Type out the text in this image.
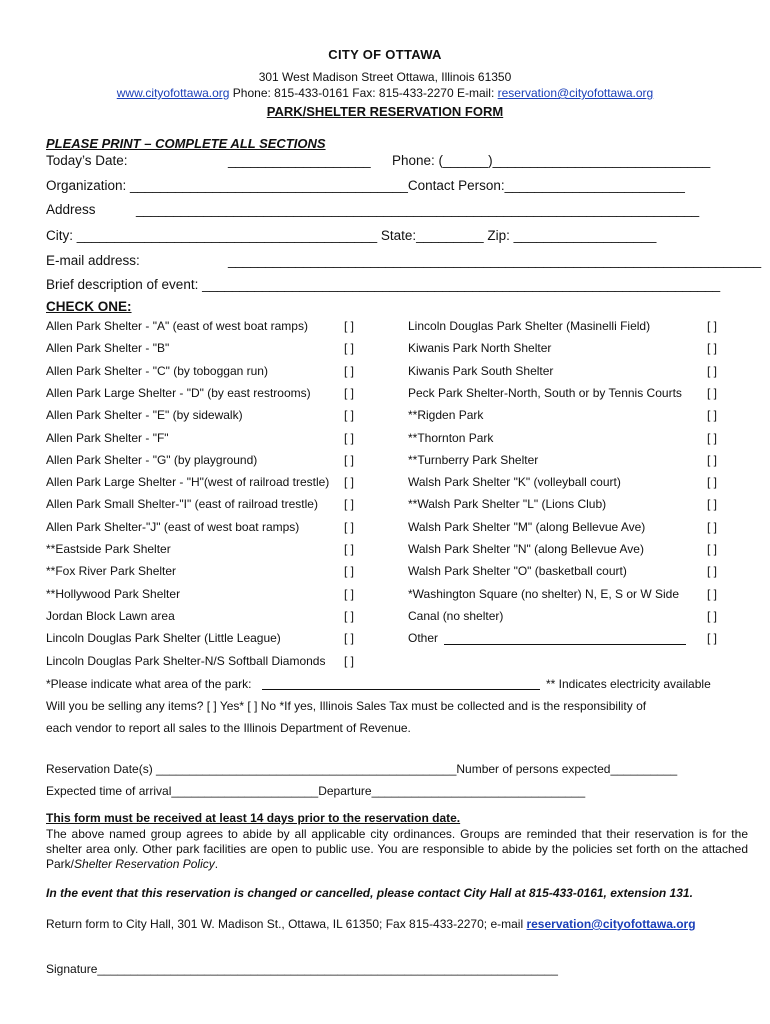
CITY OF OTTAWA
301 West Madison Street Ottawa, Illinois 61350
www.cityofottawa.org Phone: 815-433-0161 Fax: 815-433-2270 E-mail: reservation@cityofottawa.org
PARK/SHELTER RESERVATION FORM
PLEASE PRINT – COMPLETE ALL SECTIONS
Today’s Date:	___________________ Phone: (______)_____________________________
Organization: _____________________________________Contact Person:________________________
Address	___________________________________________________________________________
City: ________________________________________ State:_________ Zip: ___________________
E-mail address:	_______________________________________________________________________
Brief description of event: _____________________________________________________________________
CHECK ONE:
Allen Park Shelter - "A" (east of west boat ramps)	[ ]
Allen Park Shelter - "B"	[ ]
Allen Park Shelter - "C" (by toboggan run)	[ ]
Allen Park Large Shelter - "D" (by east restrooms)	[ ]
Allen Park Shelter - "E" (by sidewalk)	[ ]
Allen Park Shelter - "F"	[ ]
Allen Park Shelter - "G" (by playground)	[ ]
Allen Park Large Shelter - "H"(west of railroad trestle) [ ]
Allen Park Small Shelter-"I" (east of railroad trestle) [ ]
Allen Park Shelter-"J" (east of west boat ramps)	[ ]
**Eastside Park Shelter	[ ]
**Fox River Park Shelter	[ ]
**Hollywood Park Shelter	[ ]
Jordan Block Lawn area	[ ]
Lincoln Douglas Park Shelter (Little League)	[ ]
Lincoln Douglas Park Shelter-N/S Softball Diamonds [ ]
Lincoln Douglas Park Shelter (Masinelli Field)	[ ]
Kiwanis Park North Shelter	[ ]
Kiwanis Park South Shelter	[ ]
Peck Park Shelter-North, South or by Tennis Courts [ ]
**Rigden Park	[ ]
**Thornton Park	[ ]
**Turnberry Park Shelter	[ ]
Walsh Park Shelter "K" (volleyball court)	[ ]
**Walsh Park Shelter "L" (Lions Club)	[ ]
Walsh Park Shelter "M" (along Bellevue Ave)	[ ]
Walsh Park Shelter "N" (along Bellevue Ave)	[ ]
Walsh Park Shelter "O" (basketball court)	[ ]
*Washington Square (no shelter) N, E, S or W Side [ ]
Canal (no shelter)	[ ]
Other	[ ]
*Please indicate what area of the park:	** Indicates electricity available
Will you be selling any items? [ ] Yes* [ ] No *If yes, Illinois Sales Tax must be collected and is the responsibility of
each vendor to report all sales to the Illinois Department of Revenue.
Reservation Date(s) _____________________________________________Number of persons expected__________
Expected time of arrival______________________Departure________________________________
This form must be received at least 14 days prior to the reservation date.
The above named group agrees to abide by all applicable city ordinances. Groups are reminded that their reservation is for the shelter area only. Other park facilities are open to public use. You are responsible to abide by the policies set forth on the attached Park/Shelter Reservation Policy.
In the event that this reservation is changed or cancelled, please contact City Hall at 815-433-0161, extension 131.
Return form to City Hall, 301 W. Madison St., Ottawa, IL 61350; Fax 815-433-2270; e-mail reservation@cityofottawa.org
Signature_____________________________________________________________________
